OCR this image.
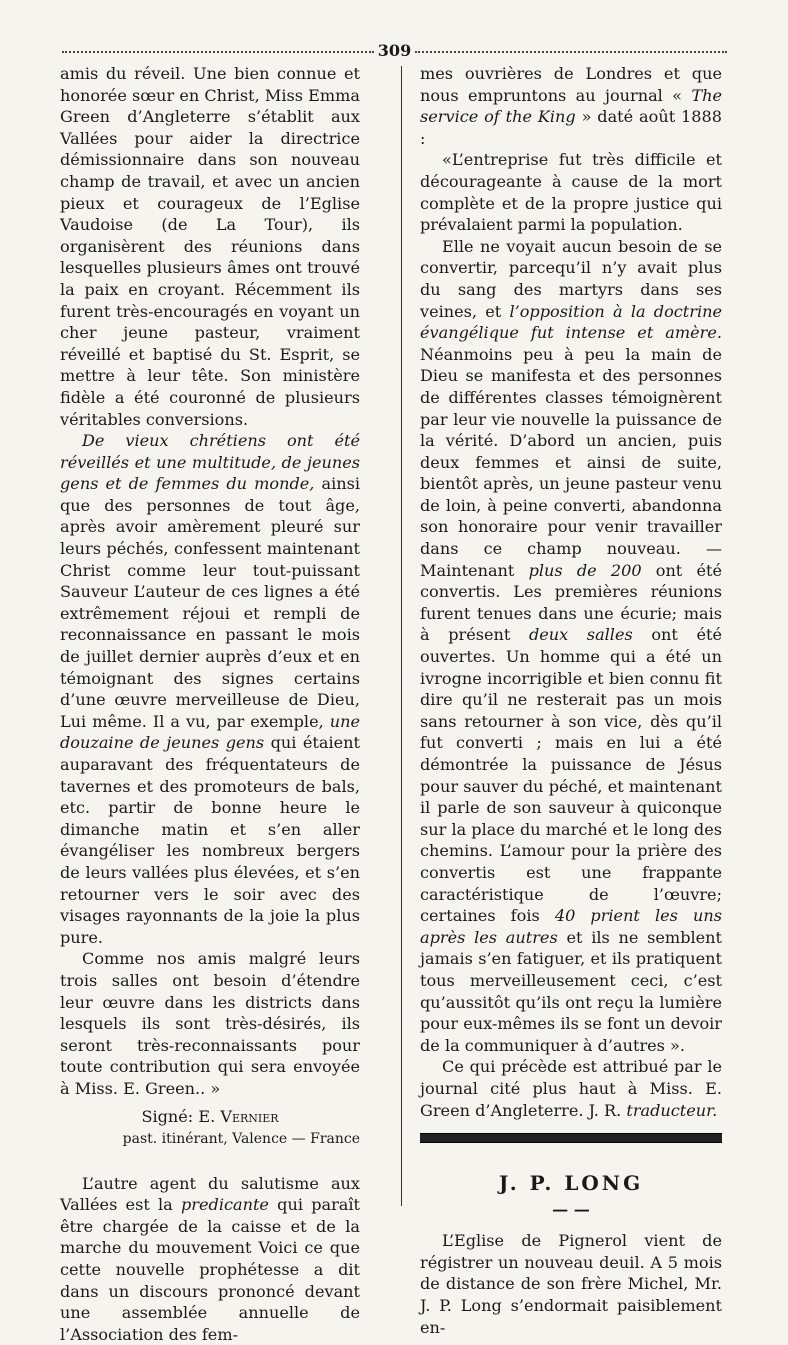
309

amis du réveil. Une bien connue et honorée sœur en Christ, Miss Emma Green d’Angleterre s’établit aux Vallées pour aider la directrice démissionnaire dans son nouveau champ de travail, et avec un ancien pieux et courageux de l’Eglise Vaudoise (de La Tour), ils organisèrent des réunions dans lesquelles plusieurs âmes ont trouvé la paix en croyant. Récemment ils furent très-encouragés en voyant un cher jeune pasteur, vraiment réveillé et baptisé du St. Esprit, se mettre à leur tête. Son ministère fidèle a été couronné de plusieurs véritables conversions.

De vieux chrétiens ont été réveillés et une multitude, de jeunes gens et de femmes du monde, ainsi que des personnes de tout âge, après avoir amèrement pleuré sur leurs péchés, confessent maintenant Christ comme leur tout-puissant Sauveur L’auteur de ces lignes a été extrêmement réjoui et rempli de reconnaissance en passant le mois de juillet dernier auprès d’eux et en témoignant des signes certains d’une œuvre merveilleuse de Dieu, Lui même. Il a vu, par exemple, une douzaine de jeunes gens qui étaient auparavant des fréquentateurs de tavernes et des promoteurs de bals, etc. partir de bonne heure le dimanche matin et s’en aller évangéliser les nombreux bergers de leurs vallées plus élevées, et s’en retourner vers le soir avec des visages rayonnants de la joie la plus pure.

Comme nos amis malgré leurs trois salles ont besoin d’étendre leur œuvre dans les districts dans lesquels ils sont très-désirés, ils seront très-reconnaissants pour toute contribution qui sera envoyée à Miss. E. Green.. »

Signé: E. Vernier

past. itinérant, Valence — France

L’autre agent du salutisme aux Vallées est la predicante qui paraît être chargée de la caisse et de la marche du mouvement Voici ce que cette nouvelle prophétesse a dit dans un discours prononcé devant une assemblée annuelle de l’Association des fem-

mes ouvrières de Londres et que nous empruntons au journal « The service of the King » daté août 1888 :

«L’entreprise fut très difficile et décourageante à cause de la mort complète et de la propre justice qui prévalaient parmi la population.

Elle ne voyait aucun besoin de se convertir, parcequ’il n’y avait plus du sang des martyrs dans ses veines, et l’opposition à la doctrine évangélique fut intense et amère. Néanmoins peu à peu la main de Dieu se manifesta et des personnes de différentes classes témoignèrent par leur vie nouvelle la puissance de la vérité. D’abord un ancien, puis deux femmes et ainsi de suite, bientôt après, un jeune pasteur venu de loin, à peine converti, abandonna son honoraire pour venir travailler dans ce champ nouveau. — Maintenant plus de 200 ont été convertis. Les premières réunions furent tenues dans une écurie; mais à présent deux salles ont été ouvertes. Un homme qui a été un ivrogne incorrigible et bien connu fit dire qu’il ne resterait pas un mois sans retourner à son vice, dès qu’il fut converti ; mais en lui a été démontrée la puissance de Jésus pour sauver du péché, et maintenant il parle de son sauveur à quiconque sur la place du marché et le long des chemins. L’amour pour la prière des convertis est une frappante caractéristique de l’œuvre; certaines fois 40 prient les uns après les autres et ils ne semblent jamais s’en fatiguer, et ils pratiquent tous merveilleusement ceci, c’est qu’aussitôt qu’ils ont reçu la lumière pour eux-mêmes ils se font un devoir de la communiquer à d’autres ».

Ce qui précède est attribué par le journal cité plus haut à Miss. E. Green d’Angleterre. J. R. traducteur.

J. P. LONG
— —

L’Eglise de Pignerol vient de régistrer un nouveau deuil. A 5 mois de distance de son frère Michel, Mr. J. P. Long s’endormait paisiblement en-
